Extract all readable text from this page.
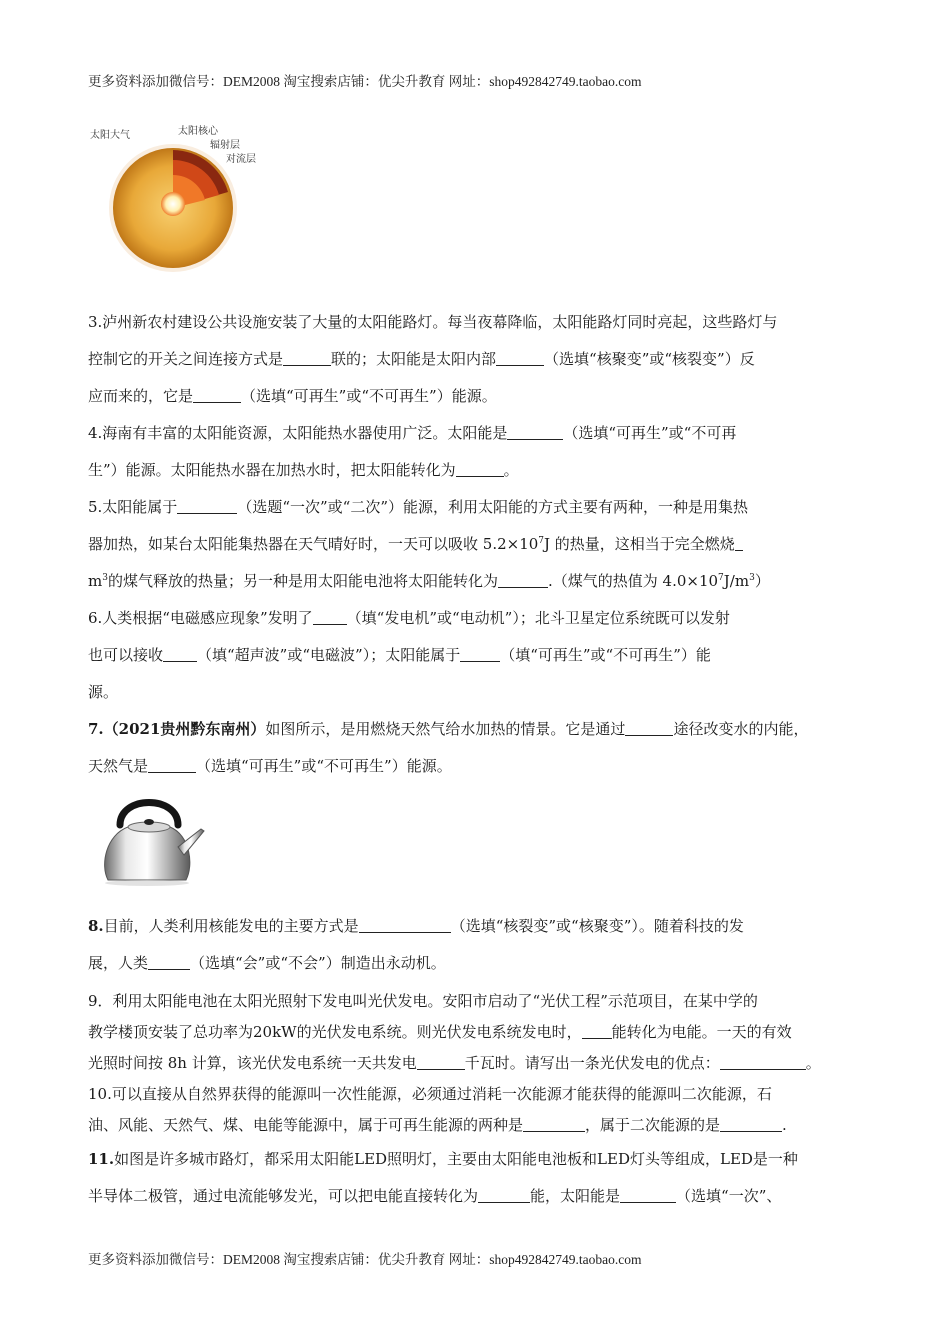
更多资料添加微信号：DEM2008 淘宝搜索店铺：优尖升教育 网址：shop492842749.taobao.com
太阳大气	太阳核心
辐射层
对流层

3.泸州新农村建设公共设施安装了大量的太阳能路灯。每当夜幕降临，太阳能路灯同时亮起，这些路灯与
控制它的开关之间连接方式是	联的；太阳能是太阳内部	（选填“核聚变”或“核裂变”）反
应而来的，它是	（选填“可再生”或“不可再生”）能源。

4.海南有丰富的太阳能资源，太阳能热水器使用广泛。太阳能是	（选填“可再生”或“不可再
生”）能源。太阳能热水器在加热水时，把太阳能转化为	。

5.太阳能属于	（选题“一次”或“二次”）能源，利用太阳能的方式主要有两种，一种是用集热
器加热，如某台太阳能集热器在天气晴好时，一天可以吸收 $5.2\times 10^7J$ 的热量，这相当于完全燃烧
$m^3$的煤气释放的热量；另一种是用太阳能电池将太阳能转化为	.（煤气的热值为 $4.0\times 10^7J/m^3$）

6.人类根据“电磁感应现象”发明了 （填“发电机”或“电动机”）；北斗卫星定位系统既可以发射
也可以接收 （填“超声波”或“电磁波”）；太阳能属于	（填“可再生”或“不可再生”）能
源。

7.（2021贵州黔东南州）如图所示，是用燃烧天然气给水加热的情景。它是通过	途径改变水的内能，
天然气是	（选填“可再生”或“不可再生”）能源。

8.目前，人类利用核能发电的主要方式是	（选填“核裂变”或“核聚变”）。随着科技的发
展，人类	（选填“会”或“不会”）制造出永动机。

9．利用太阳能电池在太阳光照射下发电叫光伏发电。安阳市启动了“光伏工程”示范项目，在某中学的
教学楼顶安装了总功率为20kW的光伏发电系统。则光伏发电系统发电时， 能转化为电能。一天的有效
光照时间按 8h 计算，该光伏发电系统一天共发电	千瓦时。请写出一条光伏发电的优点：	。

10.可以直接从自然界获得的能源叫一次性能源，必须通过消耗一次能源才能获得的能源叫二次能源，石
油、风能、天然气、煤、电能等能源中，属于可再生能源的两种是	，属于二次能源的是	.

11.如图是许多城市路灯，都采用太阳能LED照明灯，主要由太阳能电池板和LED灯头等组成，LED是一种
半导体二极管，通过电流能够发光，可以把电能直接转化为	能，太阳能是	（选填“一次”、

更多资料添加微信号：DEM2008 淘宝搜索店铺：优尖升教育 网址：shop492842749.taobao.com
